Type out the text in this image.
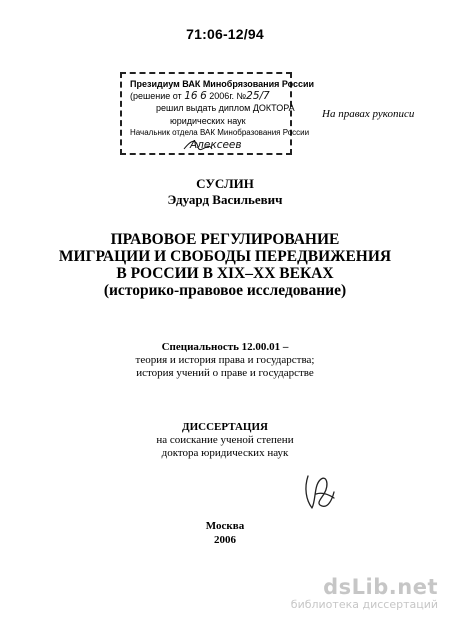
71:06-12/94
Президиум ВАК Минобрязования России
(решение от 16 6 2006г. №25/7
решил выдать диплом ДОКТОРА
юридических наук
Начальник отдела ВАК Минобразования России
Алексеев
На правах рукописи
СУСЛИН
Эдуард Васильевич
ПРАВОВОЕ РЕГУЛИРОВАНИЕ
МИГРАЦИИ И СВОБОДЫ ПЕРЕДВИЖЕНИЯ
В РОССИИ В XIX–XX ВЕКАХ
(историко-правовое исследование)
Специальность 12.00.01 –
теория и история права и государства;
история учений о праве и государстве
ДИССЕРТАЦИЯ
на соискание ученой степени
доктора юридических наук
Москва
2006
dsLib.net
библиотека диссертаций
